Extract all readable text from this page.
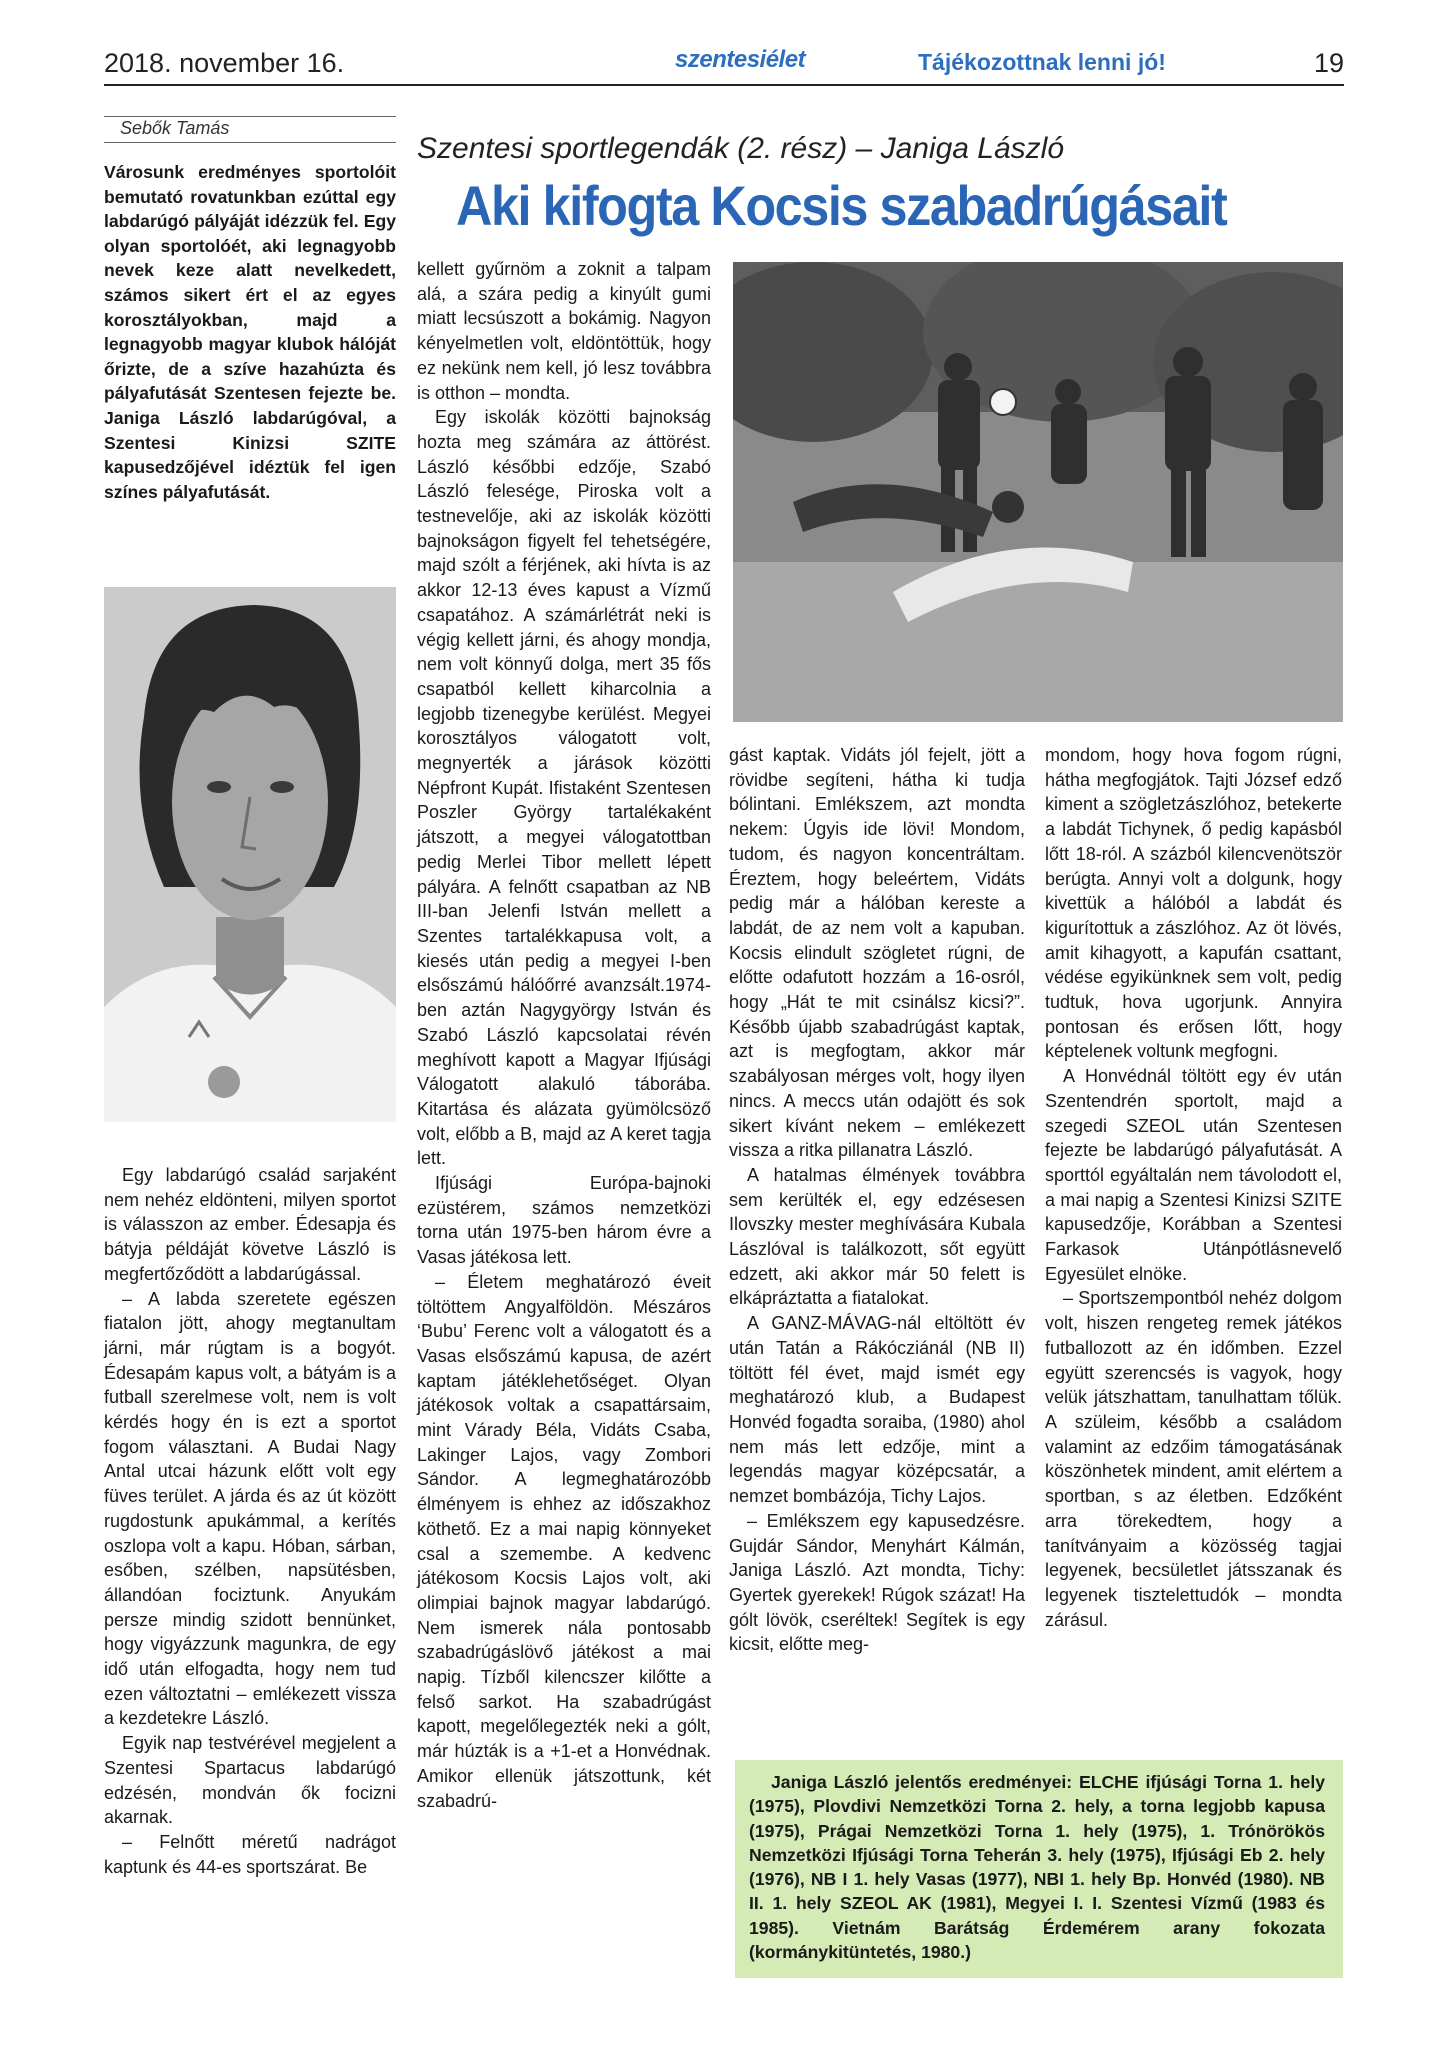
2018. november 16.	szentesiélet	Tájékozottnak lenni jó!	19
Sebők Tamás
Városunk eredményes sportolóit bemutató rovatunkban ezúttal egy labdarúgó pályáját idézzük fel. Egy olyan sportolóét, aki legnagyobb nevek keze alatt nevelkedett, számos sikert ért el az egyes korosztályokban, majd a legnagyobb magyar klubok hálóját őrizte, de a szíve hazahúzta és pályafutását Szentesen fejezte be. Janiga László labdarúgóval, a Szentesi Kinizsi SZITE kapusedzőjével idéztük fel igen színes pályafutását.
Szentesi sportlegendák (2. rész) – Janiga László
Aki kifogta Kocsis szabadrúgásait

Egy labdarúgó család sarjaként nem nehéz eldönteni, milyen sportot is válasszon az ember. Édesapja és bátyja példáját követve László is megfertőződött a labdarúgással.

– A labda szeretete egészen fiatalon jött, ahogy megtanultam járni, már rúgtam is a bogyót. Édesapám kapus volt, a bátyám is a futball szerelmese volt, nem is volt kérdés hogy én is ezt a sportot fogom választani. A Budai Nagy Antal utcai házunk előtt volt egy füves terület. A járda és az út között rugdostunk apukámmal, a kerítés oszlopa volt a kapu. Hóban, sárban, esőben, szélben, napsütésben, állandóan fociztunk. Anyukám persze mindig szidott bennünket, hogy vigyázzunk magunkra, de egy idő után elfogadta, hogy nem tud ezen változtatni – emlékezett vissza a kezdetekre László.

Egyik nap testvérével megjelent a Szentesi Spartacus labdarúgó edzésén, mondván ők focizni akarnak.

– Felnőtt méretű nadrágot kaptunk és 44-es sportszárat. Be

kellett gyűrnöm a zoknit a talpam alá, a szára pedig a kinyúlt gumi miatt lecsúszott a bokámig. Nagyon kényelmetlen volt, eldöntöttük, hogy ez nekünk nem kell, jó lesz továbbra is otthon – mondta.

Egy iskolák közötti bajnokság hozta meg számára az áttörést. László későbbi edzője, Szabó László felesége, Piroska volt a testnevelője, aki az iskolák közötti bajnokságon figyelt fel tehetségére, majd szólt a férjének, aki hívta is az akkor 12-13 éves kapust a Vízmű csapatához. A számárlétrát neki is végig kellett járni, és ahogy mondja, nem volt könnyű dolga, mert 35 fős csapatból kellett kiharcolnia a legjobb tizenegybe kerülést. Megyei korosztályos válogatott volt, megnyerték a járások közötti Népfront Kupát. Ifistaként Szentesen Poszler György tartalékaként játszott, a megyei válogatottban pedig Merlei Tibor mellett lépett pályára. A felnőtt csapatban az NB III-ban Jelenfi István mellett a Szentes tartalékkapusa volt, a kiesés után pedig a megyei I-ben elsőszámú hálóőrré avanzsált.1974-ben aztán Nagygyörgy István és Szabó László kapcsolatai révén meghívott kapott a Magyar Ifjúsági Válogatott alakuló táborába. Kitartása és alázata gyümölcsöző volt, előbb a B, majd az A keret tagja lett.

Ifjúsági Európa-bajnoki ezüstérem, számos nemzetközi torna után 1975-ben három évre a Vasas játékosa lett.

– Életem meghatározó éveit töltöttem Angyalföldön. Mészáros ‘Bubu’ Ferenc volt a válogatott és a Vasas elsőszámú kapusa, de azért kaptam játéklehetőséget. Olyan játékosok voltak a csapattársaim, mint Várady Béla, Vidáts Csaba, Lakinger Lajos, vagy Zombori Sándor. A legmeghatározóbb élményem is ehhez az időszakhoz köthető. Ez a mai napig könnyeket csal a szemembe. A kedvenc játékosom Kocsis Lajos volt, aki olimpiai bajnok magyar labdarúgó. Nem ismerek nála pontosabb szabadrúgáslövő játékost a mai napig. Tízből kilencszer kilőtte a felső sarkot. Ha szabadrúgást kapott, megelőlegezték neki a gólt, már húzták is a +1-et a Honvédnak. Amikor ellenük játszottunk, két szabadrú-

gást kaptak. Vidáts jól fejelt, jött a rövidbe segíteni, hátha ki tudja bólintani. Emlékszem, azt mondta nekem: Úgyis ide lövi! Mondom, tudom, és nagyon koncentráltam. Éreztem, hogy beleértem, Vidáts pedig már a hálóban kereste a labdát, de az nem volt a kapuban. Kocsis elindult szögletet rúgni, de előtte odafutott hozzám a 16-osról, hogy „Hát te mit csinálsz kicsi?”. Később újabb szabadrúgást kaptak, azt is megfogtam, akkor már szabályosan mérges volt, hogy ilyen nincs. A meccs után odajött és sok sikert kívánt nekem – emlékezett vissza a ritka pillanatra László.

A hatalmas élmények továbbra sem kerülték el, egy edzésesen Ilovszky mester meghívására Kubala Lászlóval is találkozott, sőt együtt edzett, aki akkor már 50 felett is elkápráztatta a fiatalokat.

A GANZ-MÁVAG-nál eltöltött év után Tatán a Rákócziánál (NB II) töltött fél évet, majd ismét egy meghatározó klub, a Budapest Honvéd fogadta soraiba, (1980) ahol nem más lett edzője, mint a legendás magyar középcsatár, a nemzet bombázója, Tichy Lajos.

– Emlékszem egy kapusedzésre. Gujdár Sándor, Menyhárt Kálmán, Janiga László. Azt mondta, Tichy: Gyertek gyerekek! Rúgok százat! Ha gólt lövök, cseréltek! Segítek is egy kicsit, előtte meg-

mondom, hogy hova fogom rúgni, hátha megfogjátok. Tajti József edző kiment a szögletzászlóhoz, betekerte a labdát Tichynek, ő pedig kapásból lőtt 18-ról. A százból kilencvenötször berúgta. Annyi volt a dolgunk, hogy kivettük a hálóból a labdát és kigurítottuk a zászlóhoz. Az öt lövés, amit kihagyott, a kapufán csattant, védése egyikünknek sem volt, pedig tudtuk, hova ugorjunk. Annyira pontosan és erősen lőtt, hogy képtelenek voltunk megfogni.

A Honvédnál töltött egy év után Szentendrén sportolt, majd a szegedi SZEOL után Szentesen fejezte be labdarúgó pályafutását. A sporttól egyáltalán nem távolodott el, a mai napig a Szentesi Kinizsi SZITE kapusedzője, Korábban a Szentesi Farkasok Utánpótlásnevelő Egyesület elnöke.

– Sportszempontból nehéz dolgom volt, hiszen rengeteg remek játékos futballozott az én időmben. Ezzel együtt szerencsés is vagyok, hogy velük játszhattam, tanulhattam tőlük. A szüleim, később a családom valamint az edzőim támogatásának köszönhetek mindent, amit elértem a sportban, s az életben. Edzőként arra törekedtem, hogy a tanítványaim a közösség tagjai legyenek, becsületlet játsszanak és legyenek tisztelettudók – mondta zárásul.

Janiga László jelentős eredményei: ELCHE ifjúsági Torna 1. hely (1975), Plovdivi Nemzetközi Torna 2. hely, a torna legjobb kapusa (1975), Prágai Nemzetközi Torna 1. hely (1975), 1. Trónörökös Nemzetközi Ifjúsági Torna Teherán 3. hely (1975), Ifjúsági Eb 2. hely (1976), NB I 1. hely Vasas (1977), NBI 1. hely Bp. Honvéd (1980). NB II. 1. hely SZEOL AK (1981), Megyei I. I. Szentesi Vízmű (1983 és 1985). Vietnám Barátság Érdemérem arany fokozata (kormánykitüntetés, 1980.)
